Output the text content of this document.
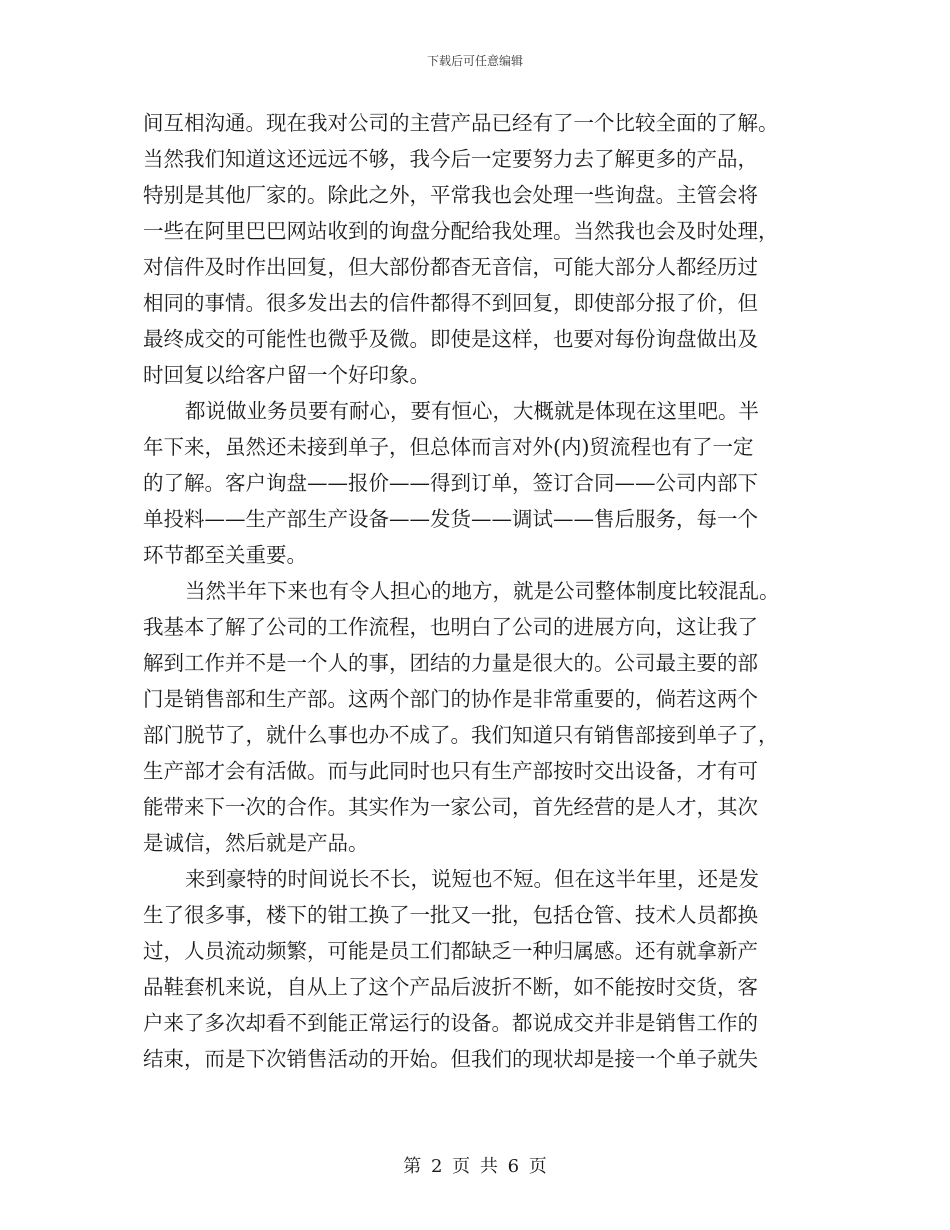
下载后可任意编辑
间互相沟通。现在我对公司的主营产品已经有了一个比较全面的了解。
当然我们知道这还远远不够，我今后一定要努力去了解更多的产品，
特别是其他厂家的。除此之外，平常我也会处理一些询盘。主管会将
一些在阿里巴巴网站收到的询盘分配给我处理。当然我也会及时处理，
对信件及时作出回复，但大部份都杳无音信，可能大部分人都经历过
相同的事情。很多发出去的信件都得不到回复，即使部分报了价，但
最终成交的可能性也微乎及微。即使是这样，也要对每份询盘做出及
时回复以给客户留一个好印象。
都说做业务员要有耐心，要有恒心，大概就是体现在这里吧。半
年下来，虽然还未接到单子，但总体而言对外(内)贸流程也有了一定
的了解。客户询盘——报价——得到订单，签订合同——公司内部下
单投料——生产部生产设备——发货——调试——售后服务，每一个
环节都至关重要。
当然半年下来也有令人担心的地方，就是公司整体制度比较混乱。
我基本了解了公司的工作流程，也明白了公司的进展方向，这让我了
解到工作并不是一个人的事，团结的力量是很大的。公司最主要的部
门是销售部和生产部。这两个部门的协作是非常重要的，倘若这两个
部门脱节了，就什么事也办不成了。我们知道只有销售部接到单子了，
生产部才会有活做。而与此同时也只有生产部按时交出设备，才有可
能带来下一次的合作。其实作为一家公司，首先经营的是人才，其次
是诚信，然后就是产品。
来到豪特的时间说长不长，说短也不短。但在这半年里，还是发
生了很多事，楼下的钳工换了一批又一批，包括仓管、技术人员都换
过，人员流动频繁，可能是员工们都缺乏一种归属感。还有就拿新产
品鞋套机来说，自从上了这个产品后波折不断，如不能按时交货，客
户来了多次却看不到能正常运行的设备。都说成交并非是销售工作的
结束，而是下次销售活动的开始。但我们的现状却是接一个单子就失
第 2 页 共 6 页
